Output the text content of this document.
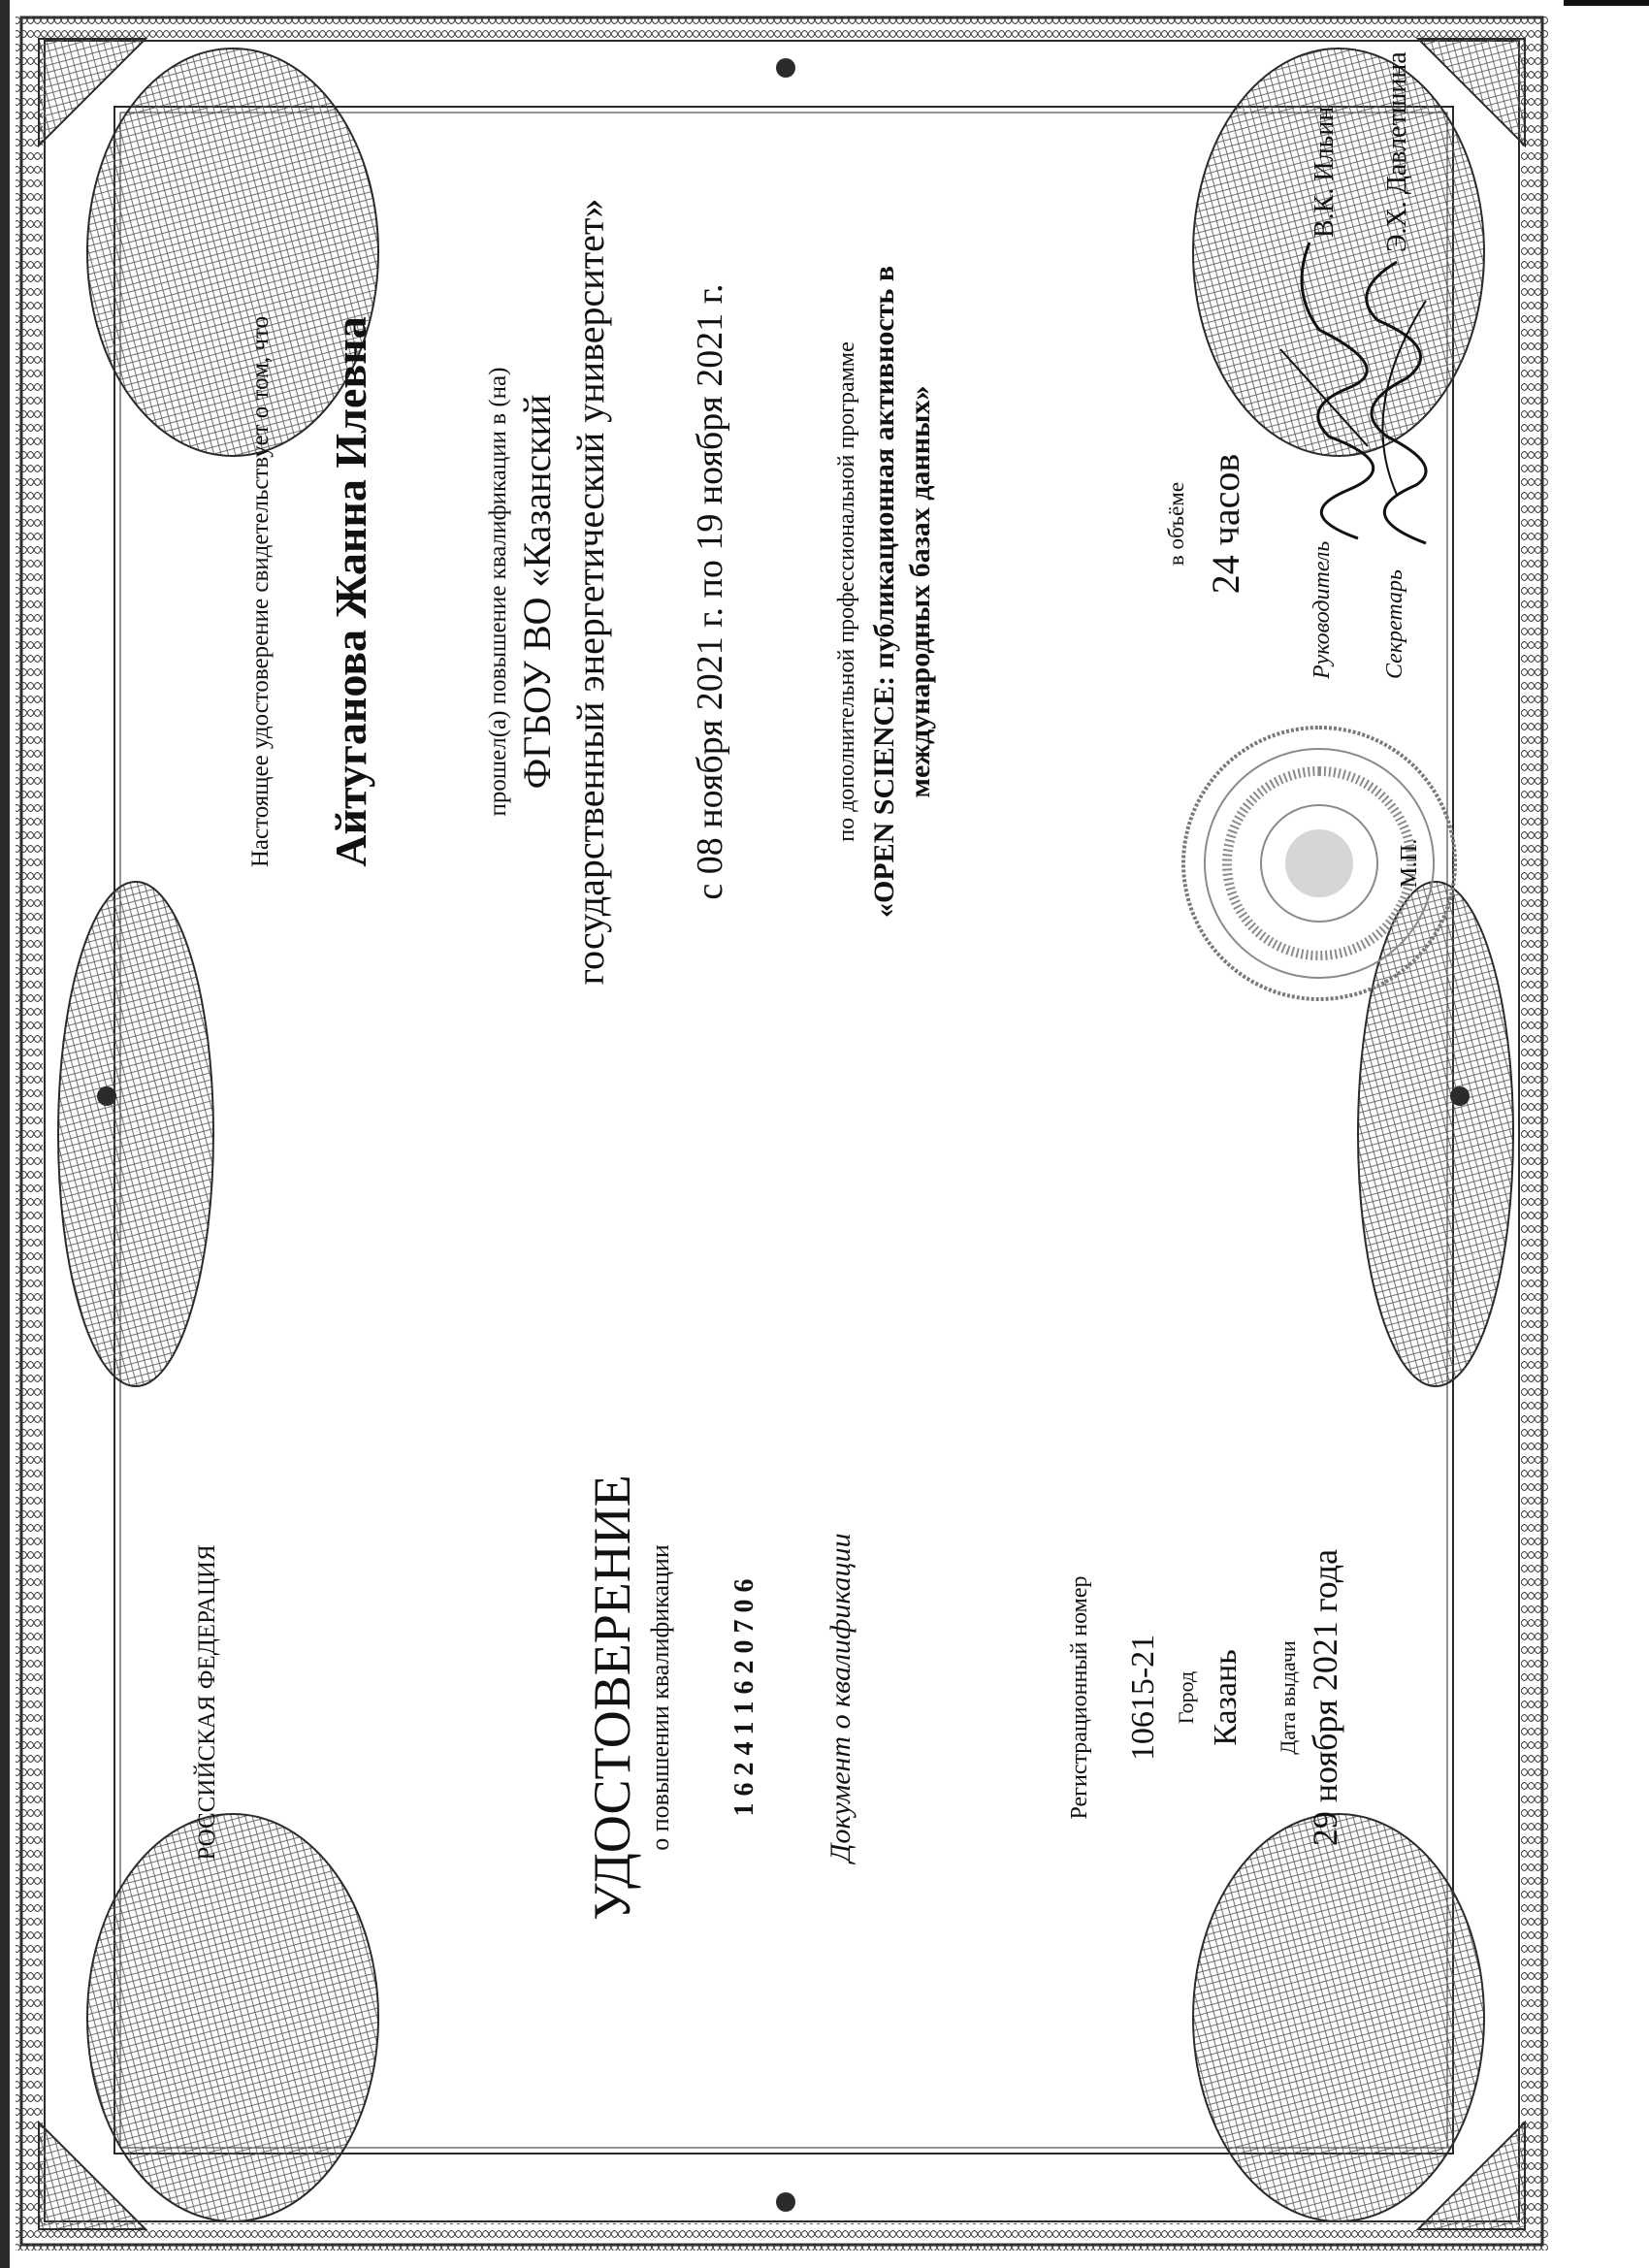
РОССИЙСКАЯ ФЕДЕРАЦИЯ	УДОСТОВЕРЕНИЕ о повышении квалификации 1 6 2 4 1 1 6 2 0 7 0 6 Документ о квалификации	Регистрационный номер 10615-21 Город Казань Дата выдачи 29 ноября 2021 года
Настоящее удостоверение свидетельствует о том, что Айтуганова Жанна Илевна	прошел(а) повышение квалификации в (на) ФГБОУ ВО «Казанский государственный энергетический университет» с 08 ноября 2021 г. по 19 ноября 2021 г.	по дополнительной профессиональной программе «OPEN SCIENCE: публикационная активность в международных базах данных»	в объёме 24 часов
М.П.
Руководитель
В.К. Ильин
Секретарь
Э.Х. Давлетшина
